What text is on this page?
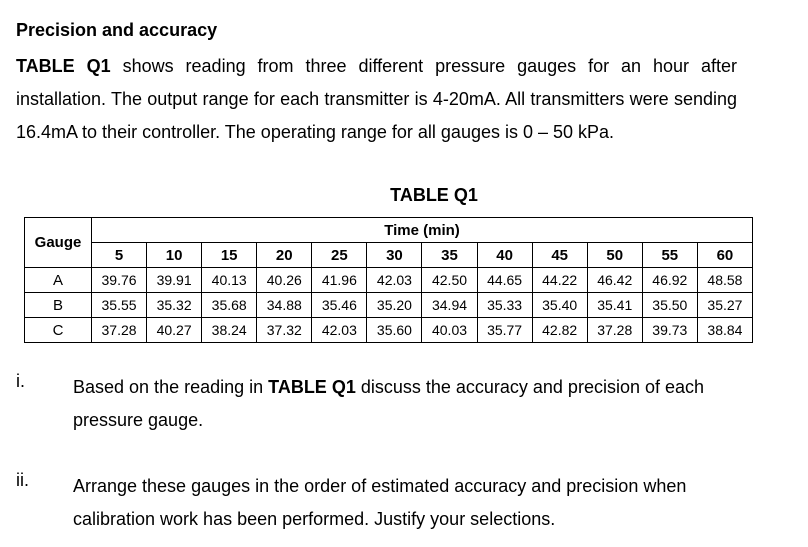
Precision and accuracy
TABLE Q1 shows reading from three different pressure gauges for an hour after installation. The output range for each transmitter is 4-20mA. All transmitters were sending 16.4mA to their controller. The operating range for all gauges is 0 – 50 kPa.
TABLE Q1
Gauge	Time (min)											
	5	10	15	20	25	30	35	40	45	50	55	60
A	39.76	39.91	40.13	40.26	41.96	42.03	42.50	44.65	44.22	46.42	46.92	48.58
B	35.55	35.32	35.68	34.88	35.46	35.20	34.94	35.33	35.40	35.41	35.50	35.27
C	37.28	40.27	38.24	37.32	42.03	35.60	40.03	35.77	42.82	37.28	39.73	38.84
i.	Based on the reading in TABLE Q1 discuss the accuracy and precision of each pressure gauge.
ii. Arrange these gauges in the order of estimated accuracy and precision when calibration work has been performed. Justify your selections.
